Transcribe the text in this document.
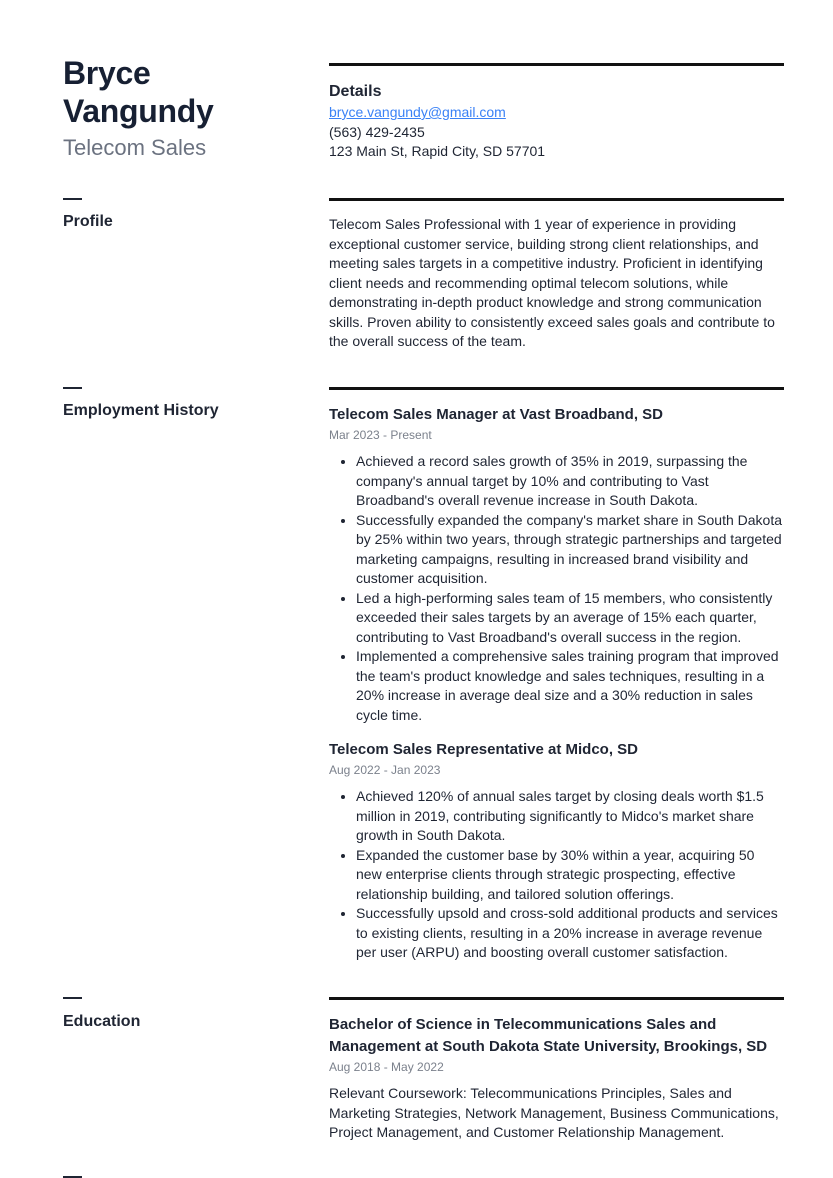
Bryce
Vangundy
Telecom Sales
Details
bryce.vangundy@gmail.com
(563) 429-2435
123 Main St, Rapid City, SD 57701
Profile	Telecom Sales Professional with 1 year of experience in providing exceptional customer service, building strong client relationships, and meeting sales targets in a competitive industry. Proficient in identifying client needs and recommending optimal telecom solutions, while demonstrating in-depth product knowledge and strong communication skills. Proven ability to consistently exceed sales goals and contribute to the overall success of the team.
Employment History	Telecom Sales Manager at Vast Broadband, SD
Mar 2023 - Present
• Achieved a record sales growth of 35% in 2019, surpassing the company's annual target by 10% and contributing to Vast Broadband's overall revenue increase in South Dakota.
• Successfully expanded the company's market share in South Dakota by 25% within two years, through strategic partnerships and targeted marketing campaigns, resulting in increased brand visibility and customer acquisition.
• Led a high-performing sales team of 15 members, who consistently exceeded their sales targets by an average of 15% each quarter, contributing to Vast Broadband's overall success in the region.
• Implemented a comprehensive sales training program that improved the team's product knowledge and sales techniques, resulting in a 20% increase in average deal size and a 30% reduction in sales cycle time.
Telecom Sales Representative at Midco, SD
Aug 2022 - Jan 2023
• Achieved 120% of annual sales target by closing deals worth $1.5 million in 2019, contributing significantly to Midco's market share growth in South Dakota.
• Expanded the customer base by 30% within a year, acquiring 50 new enterprise clients through strategic prospecting, effective relationship building, and tailored solution offerings.
• Successfully upsold and cross-sold additional products and services to existing clients, resulting in a 20% increase in average revenue per user (ARPU) and boosting overall customer satisfaction.
Education	Bachelor of Science in Telecommunications Sales and Management at South Dakota State University, Brookings, SD
Aug 2018 - May 2022
Relevant Coursework: Telecommunications Principles, Sales and Marketing Strategies, Network Management, Business Communications, Project Management, and Customer Relationship Management.
